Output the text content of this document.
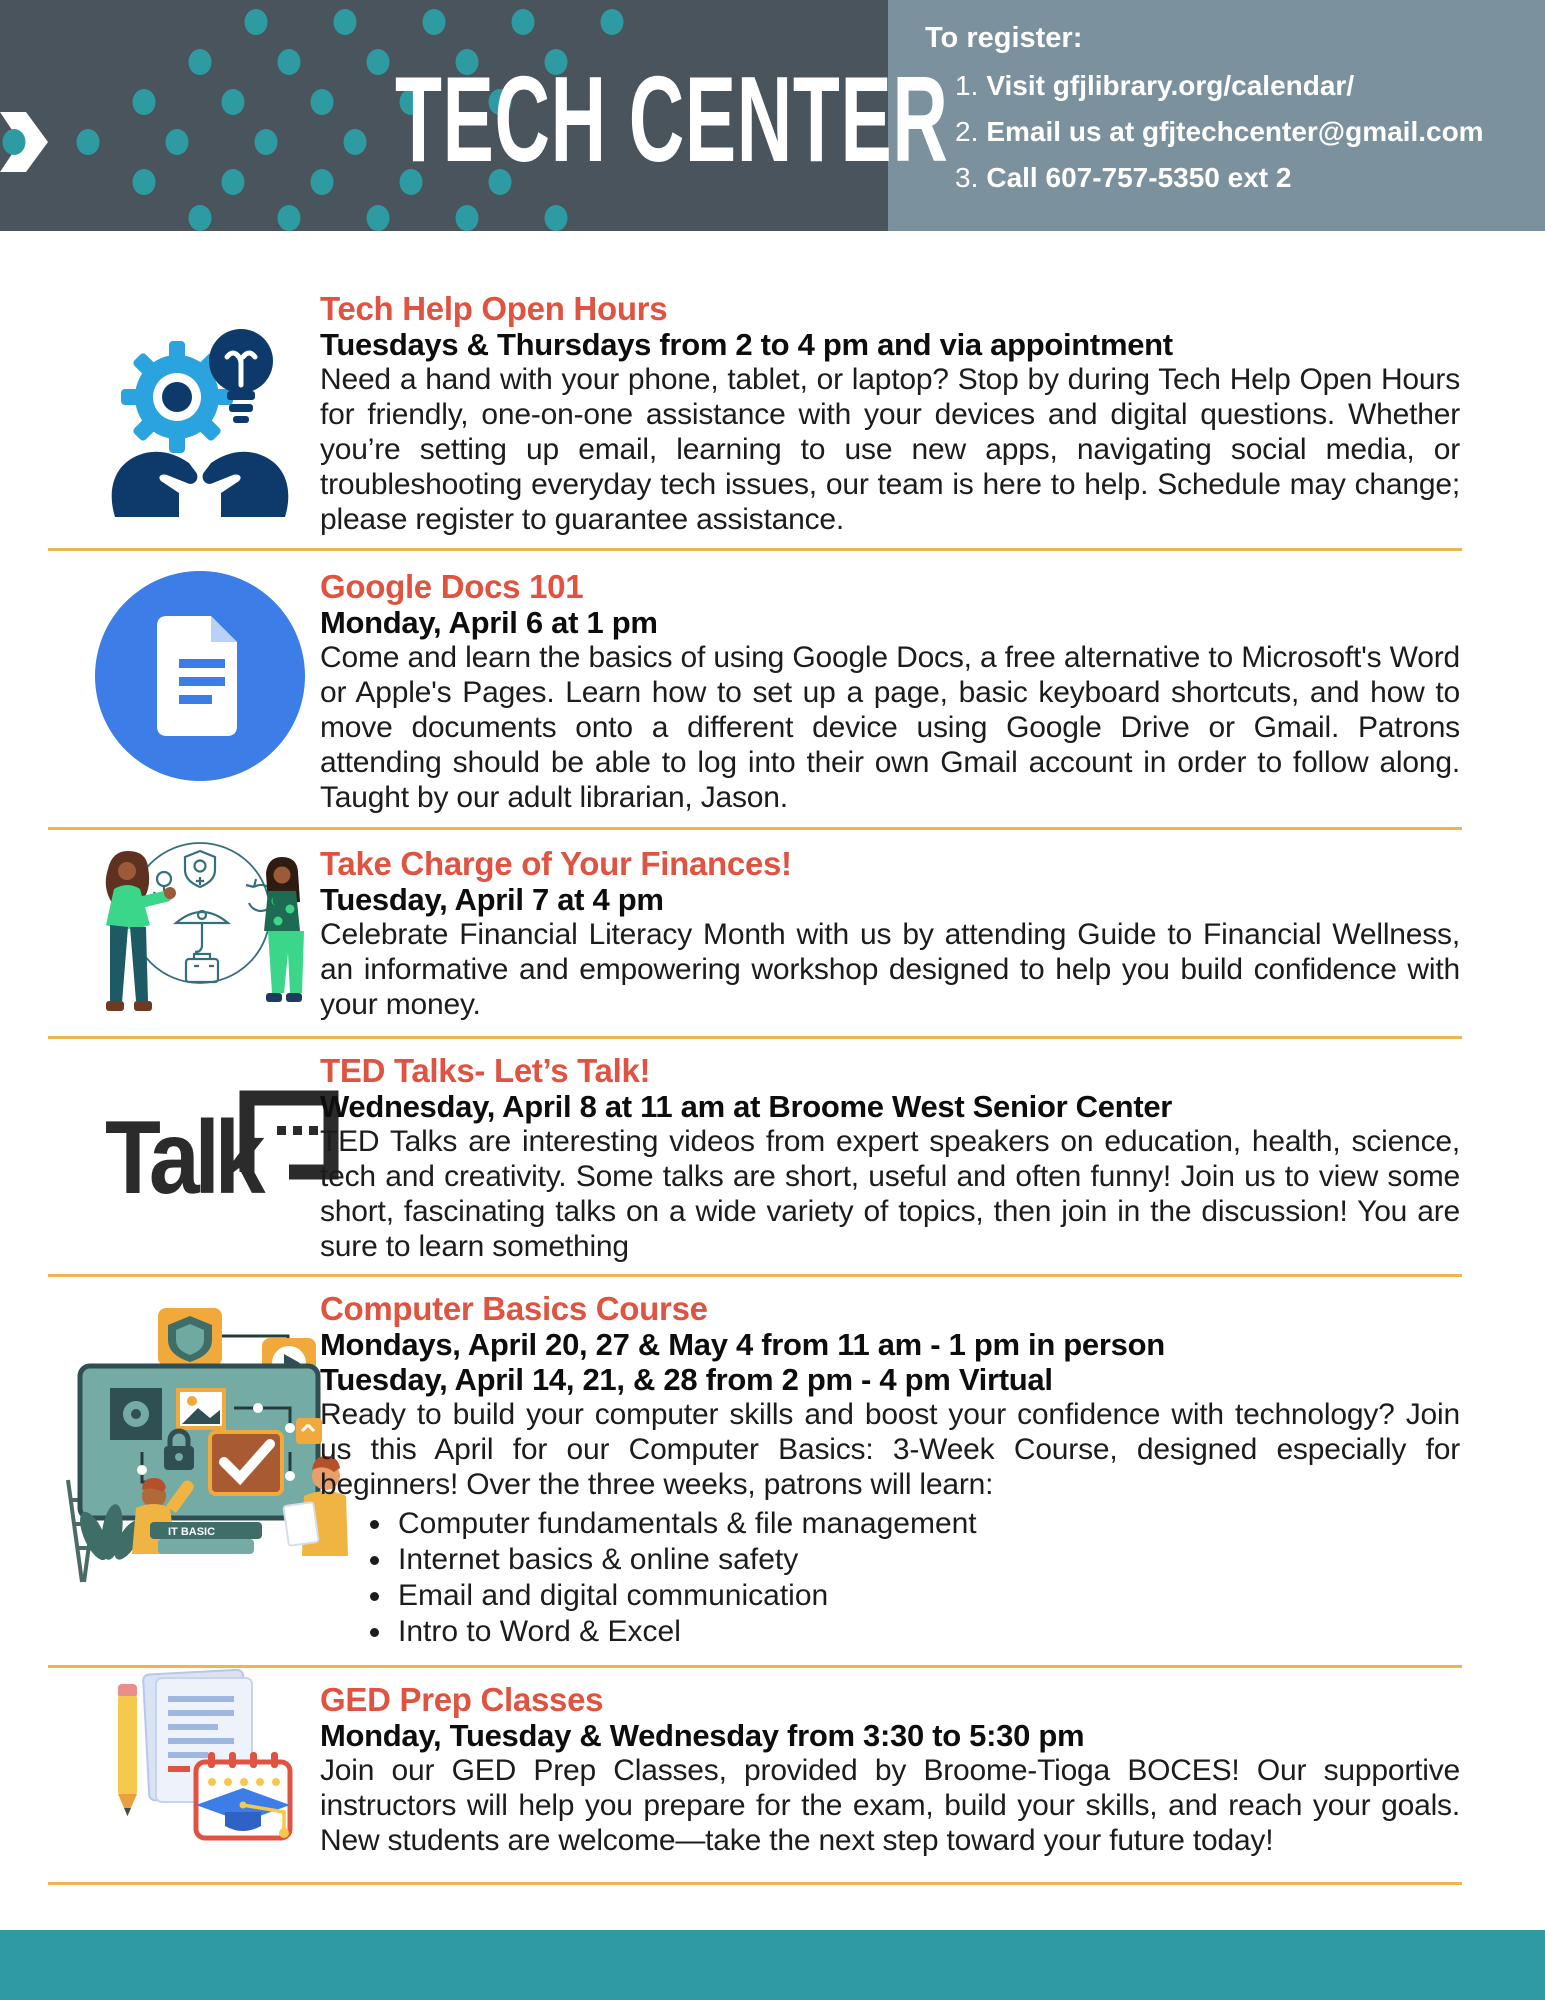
TECH CENTER

To register:

1. Visit gfjlibrary.org/calendar/
2. Email us at gfjtechcenter@gmail.com
3. Call 607-757-5350 ext 2
Tech Help Open Hours

Tuesdays & Thursdays from 2 to 4 pm and via appointment

Need a hand with your phone, tablet, or laptop? Stop by during Tech Help Open Hours for friendly, one-on-one assistance with your devices and digital questions. Whether you’re setting up email, learning to use new apps, navigating social media, or troubleshooting everyday tech issues, our team is here to help. Schedule may change; please register to guarantee assistance.

Google Docs 101

Monday, April 6 at 1 pm

Come and learn the basics of using Google Docs, a free alternative to Microsoft's Word or Apple's Pages. Learn how to set up a page, basic keyboard shortcuts, and how to move documents onto a different device using Google Drive or Gmail. Patrons attending should be able to log into their own Gmail account in order to follow along. Taught by our adult librarian, Jason.

Take Charge of Your Finances!

Tuesday, April 7 at 4 pm

Celebrate Financial Literacy Month with us by attending Guide to Financial Wellness, an informative and empowering workshop designed to help you build confidence with your money.

Talk

TED Talks- Let’s Talk!

Wednesday, April 8 at 11 am at Broome West Senior Center

TED Talks are interesting videos from expert speakers on education, health, science, tech and creativity. Some talks are short, useful and often funny! Join us to view some short, fascinating talks on a wide variety of topics, then join in the discussion! You are sure to learn something

IT BASIC
Computer Basics Course

Mondays, April 20, 27 & May 4 from 11 am - 1 pm in person

Tuesday, April 14, 21, & 28 from 2 pm - 4 pm Virtual

Ready to build your computer skills and boost your confidence with technology? Join us this April for our Computer Basics: 3-Week Course, designed especially for beginners! Over the three weeks, patrons will learn:

Computer fundamentals & file management
Internet basics & online safety
Email and digital communication
Intro to Word & Excel
GED Prep Classes

Monday, Tuesday & Wednesday from 3:30 to 5:30 pm

Join our GED Prep Classes, provided by Broome-Tioga BOCES! Our supportive instructors will help you prepare for the exam, build your skills, and reach your goals. New students are welcome—take the next step toward your future today!
